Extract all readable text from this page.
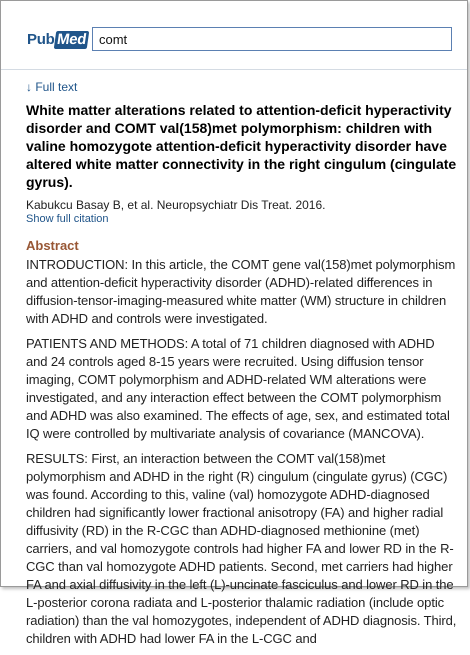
Pub Med
comt
↓ Full text
White matter alterations related to attention-deficit hyperactivity disorder and COMT val(158)met polymorphism: children with valine homozygote attention-deficit hyperactivity disorder have altered white matter connectivity in the right cingulum (cingulate gyrus).
Kabukcu Basay B, et al. Neuropsychiatr Dis Treat. 2016.
Show full citation
Abstract

INTRODUCTION: In this article, the COMT gene val(158)met polymorphism and attention-deficit hyperactivity disorder (ADHD)-related differences in diffusion-tensor-imaging-measured white matter (WM) structure in children with ADHD and controls were investigated.

PATIENTS AND METHODS: A total of 71 children diagnosed with ADHD and 24 controls aged 8-15 years were recruited. Using diffusion tensor imaging, COMT polymorphism and ADHD-related WM alterations were investigated, and any interaction effect between the COMT polymorphism and ADHD was also examined. The effects of age, sex, and estimated total IQ were controlled by multivariate analysis of covariance (MANCOVA).

RESULTS: First, an interaction between the COMT val(158)met polymorphism and ADHD in the right (R) cingulum (cingulate gyrus) (CGC) was found. According to this, valine (val) homozygote ADHD-diagnosed children had significantly lower fractional anisotropy (FA) and higher radial diffusivity (RD) in the R-CGC than ADHD-diagnosed methionine (met) carriers, and val homozygote controls had higher FA and lower RD in the R-CGC than val homozygote ADHD patients. Second, met carriers had higher FA and axial diffusivity in the left (L)-uncinate fasciculus and lower RD in the L-posterior corona radiata and L-posterior thalamic radiation (include optic radiation) than the val homozygotes, independent of ADHD diagnosis. Third, children with ADHD had lower FA in the L-CGC and
